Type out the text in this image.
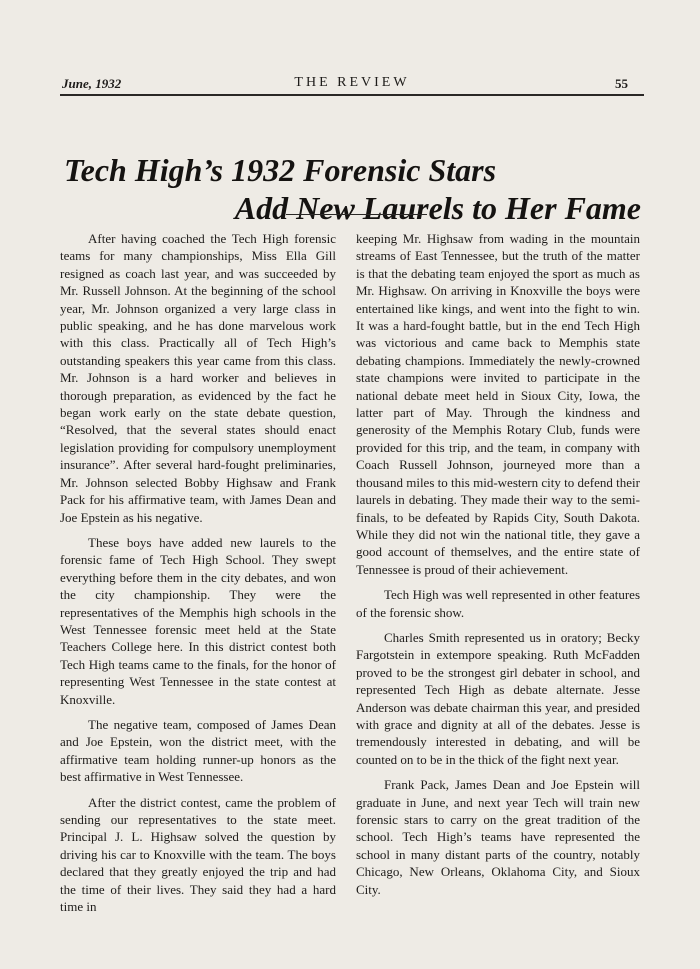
June, 1932	THE REVIEW	55
Tech High’s 1932 Forensic Stars
Add New Laurels to Her Fame

After having coached the Tech High forensic teams for many championships, Miss Ella Gill resigned as coach last year, and was succeeded by Mr. Russell Johnson. At the beginning of the school year, Mr. Johnson organized a very large class in public speaking, and he has done marvelous work with this class. Practically all of Tech High’s outstanding speakers this year came from this class. Mr. Johnson is a hard worker and believes in thorough preparation, as evidenced by the fact he began work early on the state debate question, “Resolved, that the several states should enact legislation providing for compulsory unemployment insurance”. After several hard-fought preliminaries, Mr. Johnson selected Bobby Highsaw and Frank Pack for his affirmative team, with James Dean and Joe Epstein as his negative.

These boys have added new laurels to the forensic fame of Tech High School. They swept everything before them in the city debates, and won the city championship. They were the representatives of the Memphis high schools in the West Tennessee forensic meet held at the State Teachers College here. In this district contest both Tech High teams came to the finals, for the honor of representing West Tennessee in the state contest at Knoxville.

The negative team, composed of James Dean and Joe Epstein, won the district meet, with the affirmative team holding runner-up honors as the best affirmative in West Tennessee.

After the district contest, came the problem of sending our representatives to the state meet. Principal J. L. Highsaw solved the question by driving his car to Knoxville with the team. The boys declared that they greatly enjoyed the trip and had the time of their lives. They said they had a hard time in

keeping Mr. Highsaw from wading in the mountain streams of East Tennessee, but the truth of the matter is that the debating team enjoyed the sport as much as Mr. Highsaw. On arriving in Knoxville the boys were entertained like kings, and went into the fight to win. It was a hard-fought battle, but in the end Tech High was victorious and came back to Memphis state debating champions. Immediately the newly-crowned state champions were invited to participate in the national debate meet held in Sioux City, Iowa, the latter part of May. Through the kindness and generosity of the Memphis Rotary Club, funds were provided for this trip, and the team, in company with Coach Russell Johnson, journeyed more than a thousand miles to this mid-western city to defend their laurels in debating. They made their way to the semi-finals, to be defeated by Rapids City, South Dakota. While they did not win the national title, they gave a good account of themselves, and the entire state of Tennessee is proud of their achievement.

Tech High was well represented in other features of the forensic show.

Charles Smith represented us in oratory; Becky Fargotstein in extempore speaking. Ruth McFadden proved to be the strongest girl debater in school, and represented Tech High as debate alternate. Jesse Anderson was debate chairman this year, and presided with grace and dignity at all of the debates. Jesse is tremendously interested in debating, and will be counted on to be in the thick of the fight next year.

Frank Pack, James Dean and Joe Epstein will graduate in June, and next year Tech will train new forensic stars to carry on the great tradition of the school. Tech High’s teams have represented the school in many distant parts of the country, notably Chicago, New Orleans, Oklahoma City, and Sioux City.
